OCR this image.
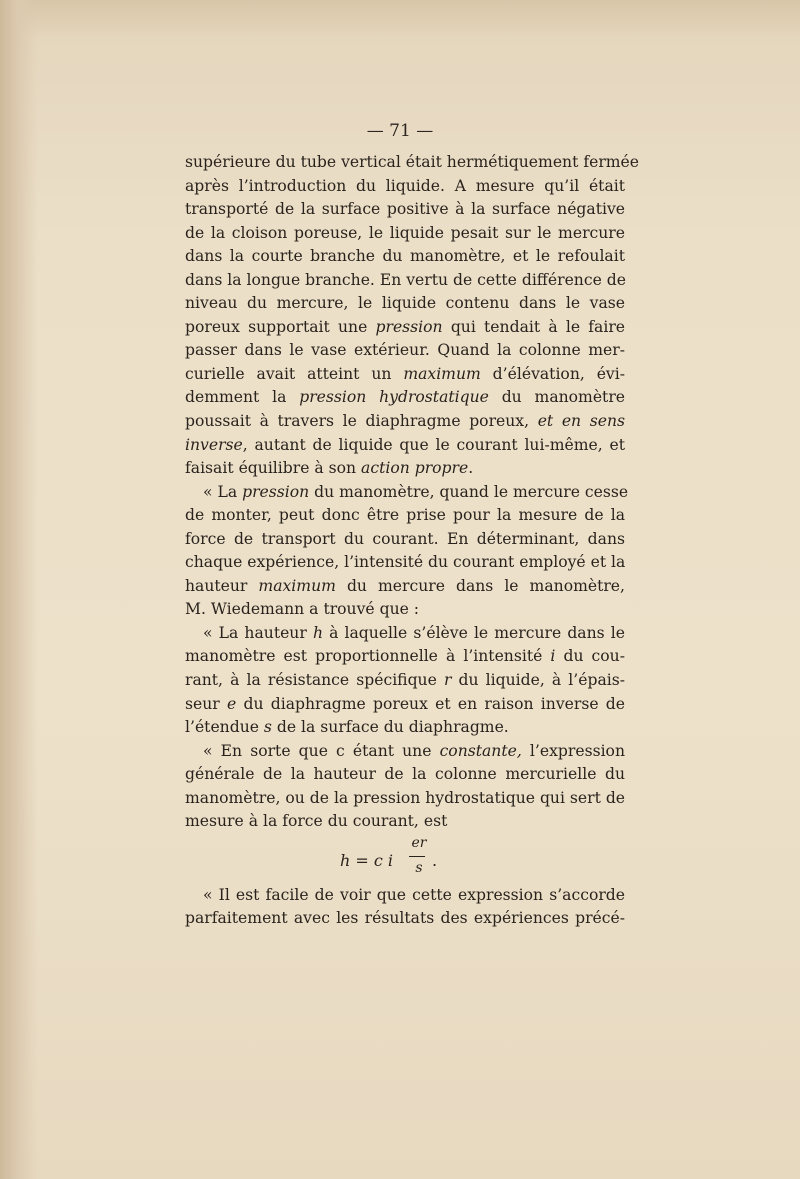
— 71 —
supérieure du tube vertical était hermétiquement fermée
après l’introduction du liquide. A mesure qu’il était
transporté de la surface positive à la surface négative
de la cloison poreuse, le liquide pesait sur le mercure
dans la courte branche du manomètre, et le refoulait
dans la longue branche. En vertu de cette différence de
niveau du mercure, le liquide contenu dans le vase
poreux supportait une pression qui tendait à le faire
passer dans le vase extérieur. Quand la colonne mer-
curielle avait atteint un maximum d’élévation, évi-
demment la pression hydrostatique du manomètre
poussait à travers le diaphragme poreux, et en sens
inverse, autant de liquide que le courant lui-même, et
faisait équilibre à son action propre.
« La pression du manomètre, quand le mercure cesse
de monter, peut donc être prise pour la mesure de la
force de transport du courant. En déterminant, dans
chaque expérience, l’intensité du courant employé et la
hauteur maximum du mercure dans le manomètre,
M. Wiedemann a trouvé que :
« La hauteur h à laquelle s’élève le mercure dans le
manomètre est proportionnelle à l’intensité i du cou-
rant, à la résistance spécifique r du liquide, à l’épais-
seur e du diaphragme poreux et en raison inverse de
l’étendue s de la surface du diaphragme.
« En sorte que c étant une constante, l’expression
générale de la hauteur de la colonne mercurielle du
manomètre, ou de la pression hydrostatique qui sert de
mesure à la force du courant, est
h = c i
er
s .
« Il est facile de voir que cette expression s’accorde
parfaitement avec les résultats des expériences précé-
